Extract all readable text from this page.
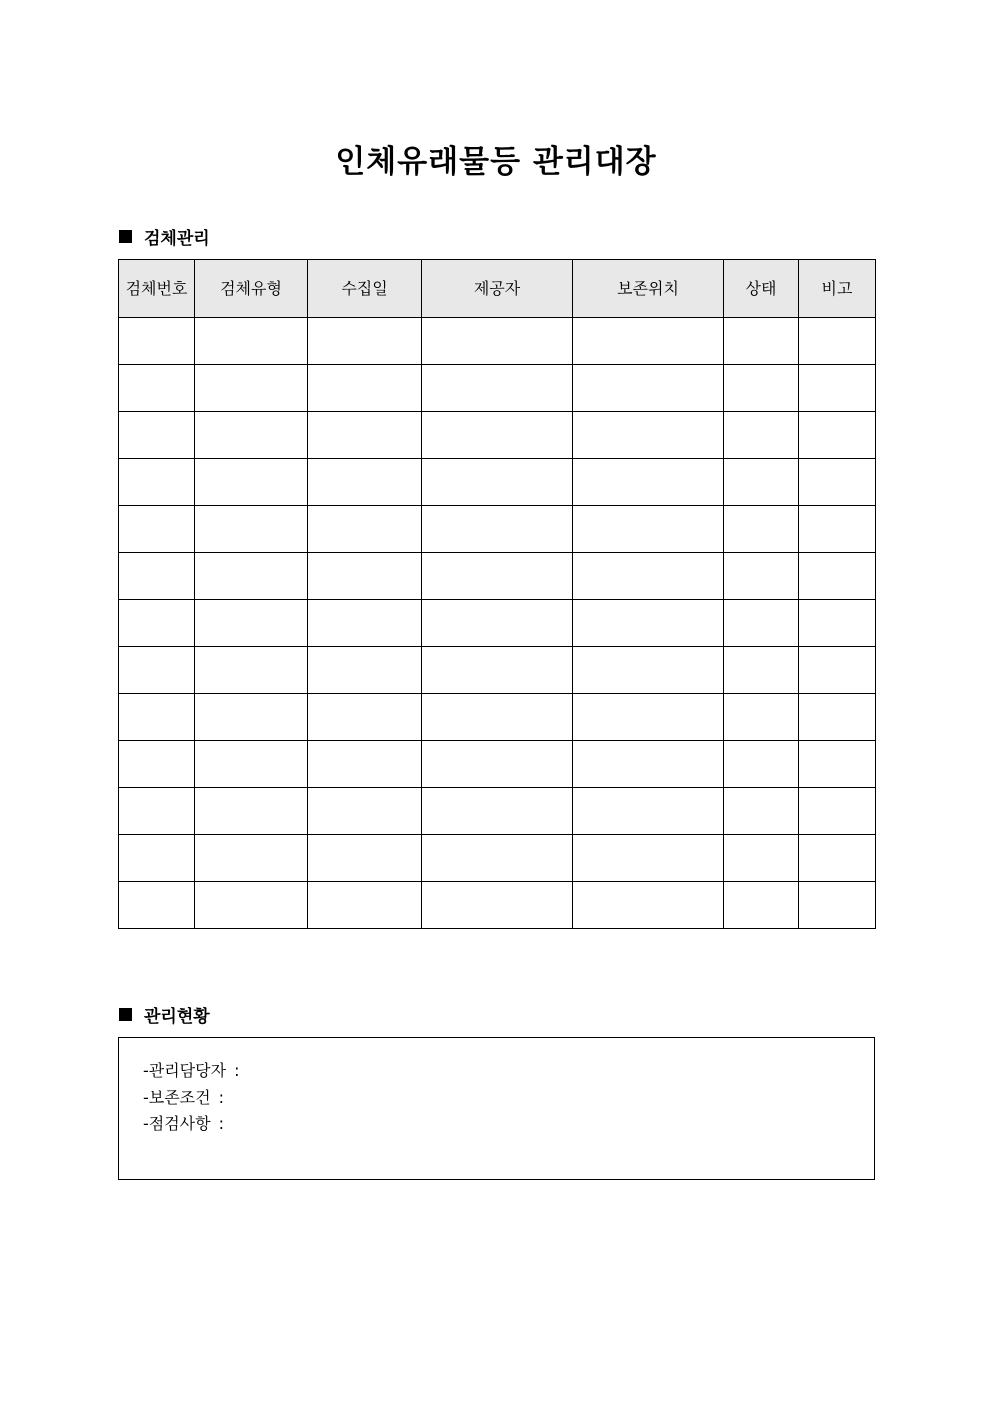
인체유래물등 관리대장
검체관리
검체번호	검체유형	수집일	제공자	보존위치	상태	비고

관리현황
-관리담당자 :
-보존조건 :
-점검사항 :
